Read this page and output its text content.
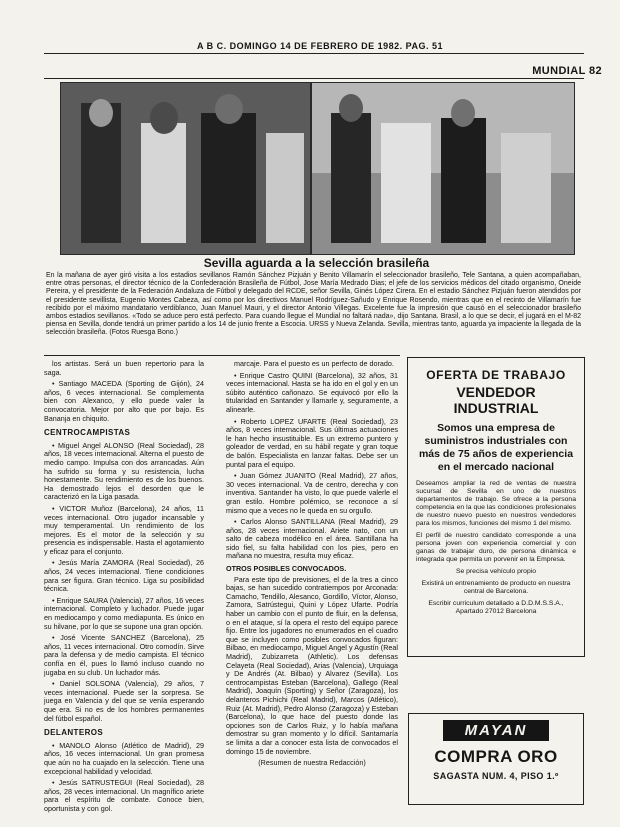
A B C. DOMINGO 14 DE FEBRERO DE 1982. PAG. 51
MUNDIAL 82
Sevilla aguarda a la selección brasileña
En la mañana de ayer giró visita a los estadios sevillanos Ramón Sánchez Pizjuán y Benito Villamarín el seleccionador brasileño, Tele Santana, a quien acompañaban, entre otras personas, el director técnico de la Confederación Brasileña de Fútbol, Jose María Medrado Dias; el jefe de los servicios médicos del citado organismo, Oneide Pereira, y el presidente de la Federación Andaluza de Fútbol y delegado del RCDE, señor Sevilla, Ginés López Cirera. En el estadio Sánchez Pizjuán fueron atendidos por el presidente sevillista, Eugenio Montes Cabeza, así como por los directivos Manuel Rodríguez-Sañudo y Enrique Rosendo, mientras que en el recinto de Villamarín fue recibido por el máximo mandatario verdiblanco, Juan Manuel Mauri, y el director Antonio Villegas. Excelente fue la impresión que causó en el seleccionador brasileño ambos estadios sevillanos. «Todo se aduce pero está perfecto. Para cuando llegue el Mundial no faltará nada», dijo Santana. Brasil, a lo que se decir, el jugará en el M-82 piensa en Sevilla, donde tendrá un primer partido a los 14 de junio frente a Escocia. URSS y Nueva Zelanda. Sevilla, mientras tanto, aguarda ya impaciente la llegada de la selección brasileña. (Fotos Ruesga Bono.)

los artistas. Será un buen repertorio para la saga.

• Santiago MACEDA (Sporting de Gijón), 24 años, 6 veces internacional. Se complementa bien con Alexanco, y ello puede valer la convocatoria. Mejor por alto que por bajo. Es Bananja en chiquito.

CENTROCAMPISTAS

• Miguel Angel ALONSO (Real Sociedad), 28 años, 18 veces internacional. Alterna el puesto de medio campo. Impulsa con dos arrancadas. Aún ha sufrido su forma y su resistencia, lucha honestamente. Su rendimiento es de los buenos. Ha demostrado lejos el desorden que le caracterizó en la Liga pasada.

• VICTOR Muñoz (Barcelona), 24 años, 11 veces internacional. Otro jugador incansable y muy temperamental. Un rendimiento de los mejores. Es el motor de la selección y su presencia es indispensable. Hasta el agotamiento y eficaz para el conjunto.

• Jesús María ZAMORA (Real Sociedad), 26 años, 24 veces internacional. Tiene condiciones para ser figura. Gran técnico. Liga su posibilidad técnica.

• Enrique SAURA (Valencia), 27 años, 16 veces internacional. Completo y luchador. Puede jugar en mediocampo y como mediapunta. Es único en su hilvane, por lo que se supone una gran opción.

• José Vicente SANCHEZ (Barcelona), 25 años, 11 veces internacional. Otro comodín. Sirve para la defensa y de medio campista. El técnico confía en él, pues lo llamó incluso cuando no jugaba en su club. Un luchador más.

• Daniel SOLSONA (Valencia), 29 años, 7 veces internacional. Puede ser la sorpresa. Se juega en Valencia y del que se venía esperando que era. Si no es de los hombres permanentes del fútbol español.

DELANTEROS

• MANOLO Alonso (Atlético de Madrid), 29 años, 16 veces internacional. Un gran promesa que aún no ha cuajado en la selección. Tiene una excepcional habilidad y velocidad.

• Jesús SATRUSTEGUI (Real Sociedad), 28 años, 28 veces internacional. Un magnífico ariete para el espíritu de combate. Conoce bien, oportunista y con gol.

marcaje. Para el puesto es un perfecto de dorado.

• Enrique Castro QUINI (Barcelona), 32 años, 31 veces internacional. Hasta se ha ido en el gol y en un súbito auténtico cañonazo. Se equivocó por ello la titularidad en Santander y llamarle y, seguramente, a alinearle.

• Roberto LOPEZ UFARTE (Real Sociedad), 23 años, 8 veces internacional. Sus últimas actuaciones le han hecho insustituible. Es un extremo puntero y goleador de verdad, en su hábil regate y gran toque de balón. Especialista en lanzar faltas. Debe ser un puntal para el equipo.

• Juan Gómez JUANITO (Real Madrid), 27 años, 30 veces internacional. Va de centro, derecha y con inventiva. Santander ha visto, lo que puede valerle el gran estilo. Hombre polémico, se reconoce a sí mismo que a veces no le queda en su orgullo.

• Carlos Alonso SANTILLANA (Real Madrid), 29 años, 28 veces internacional. Ariete nato, con un salto de cabeza modélico en el área. Santillana ha sido fiel, su falta habilidad con los pies, pero en mañana no muestra, resulta muy eficaz.

OTROS POSIBLES CONVOCADOS.

Para este tipo de previsiones, el de la tres a cinco bajas, se han sucedido contratiempos por Arconada: Camacho, Tendillo, Alesanco, Gordillo, Víctor, Alonso, Zamora, Satrústegui, Quini y López Ufarte. Podría haber un cambio con el punto de fluir, en la defensa, o en el ataque, sí la opera el resto del equipo parece fijo. Entre los jugadores no enumerados en el cuadro que se incluyen como posibles convocados figuran: Bilbao, en mediocampo, Miguel Angel y Agustín (Real Madrid), Zubizarreta (Athletic). Los defensas Celayeta (Real Sociedad), Arias (Valencia), Urquiaga y De Andrés (At. Bilbao) y Alvarez (Sevilla). Los centrocampistas Esteban (Barcelona), Gallego (Real Madrid), Joaquín (Sporting) y Señor (Zaragoza), los delanteros Pichichi (Real Madrid), Marcos (Atlético), Ruiz (At. Madrid), Pedro Alonso (Zaragoza) y Esteban (Barcelona), lo que hace del puesto donde las opciones son de Carlos Ruiz, y lo había mañana demostrar su gran momento y lo difícil. Santamaría se limita a dar a conocer esta lista de convocados el domingo 15 de noviembre.

(Resumen de nuestra Redacción)

OFERTA DE TRABAJO
VENDEDOR INDUSTRIAL
Somos una empresa de suministros industriales con más de 75 años de experiencia en el mercado nacional
Deseamos ampliar la red de ventas de nuestra sucursal de Sevilla en uno de nuestros departamentos de trabajo. Se ofrece a la persona competencia en la que las condiciones profesionales de nuestro nuevo puesto en nuestros vendedores para los mismos, funciones del mismo 1 del mismo.
El perfil de nuestro candidato corresponde a una persona joven con experiencia comercial y con ganas de trabajar duro, de persona dinámica e integrada que permita un porvenir en la Empresa.
Se precisa vehículo propio
Existirá un entrenamiento de producto en nuestra central de Barcelona.
Escribir curriculum detallado a D.D.M.S.S.A., Apartado 27012 Barcelona
MAYAN
COMPRA ORO
SAGASTA NUM. 4, PISO 1.º
